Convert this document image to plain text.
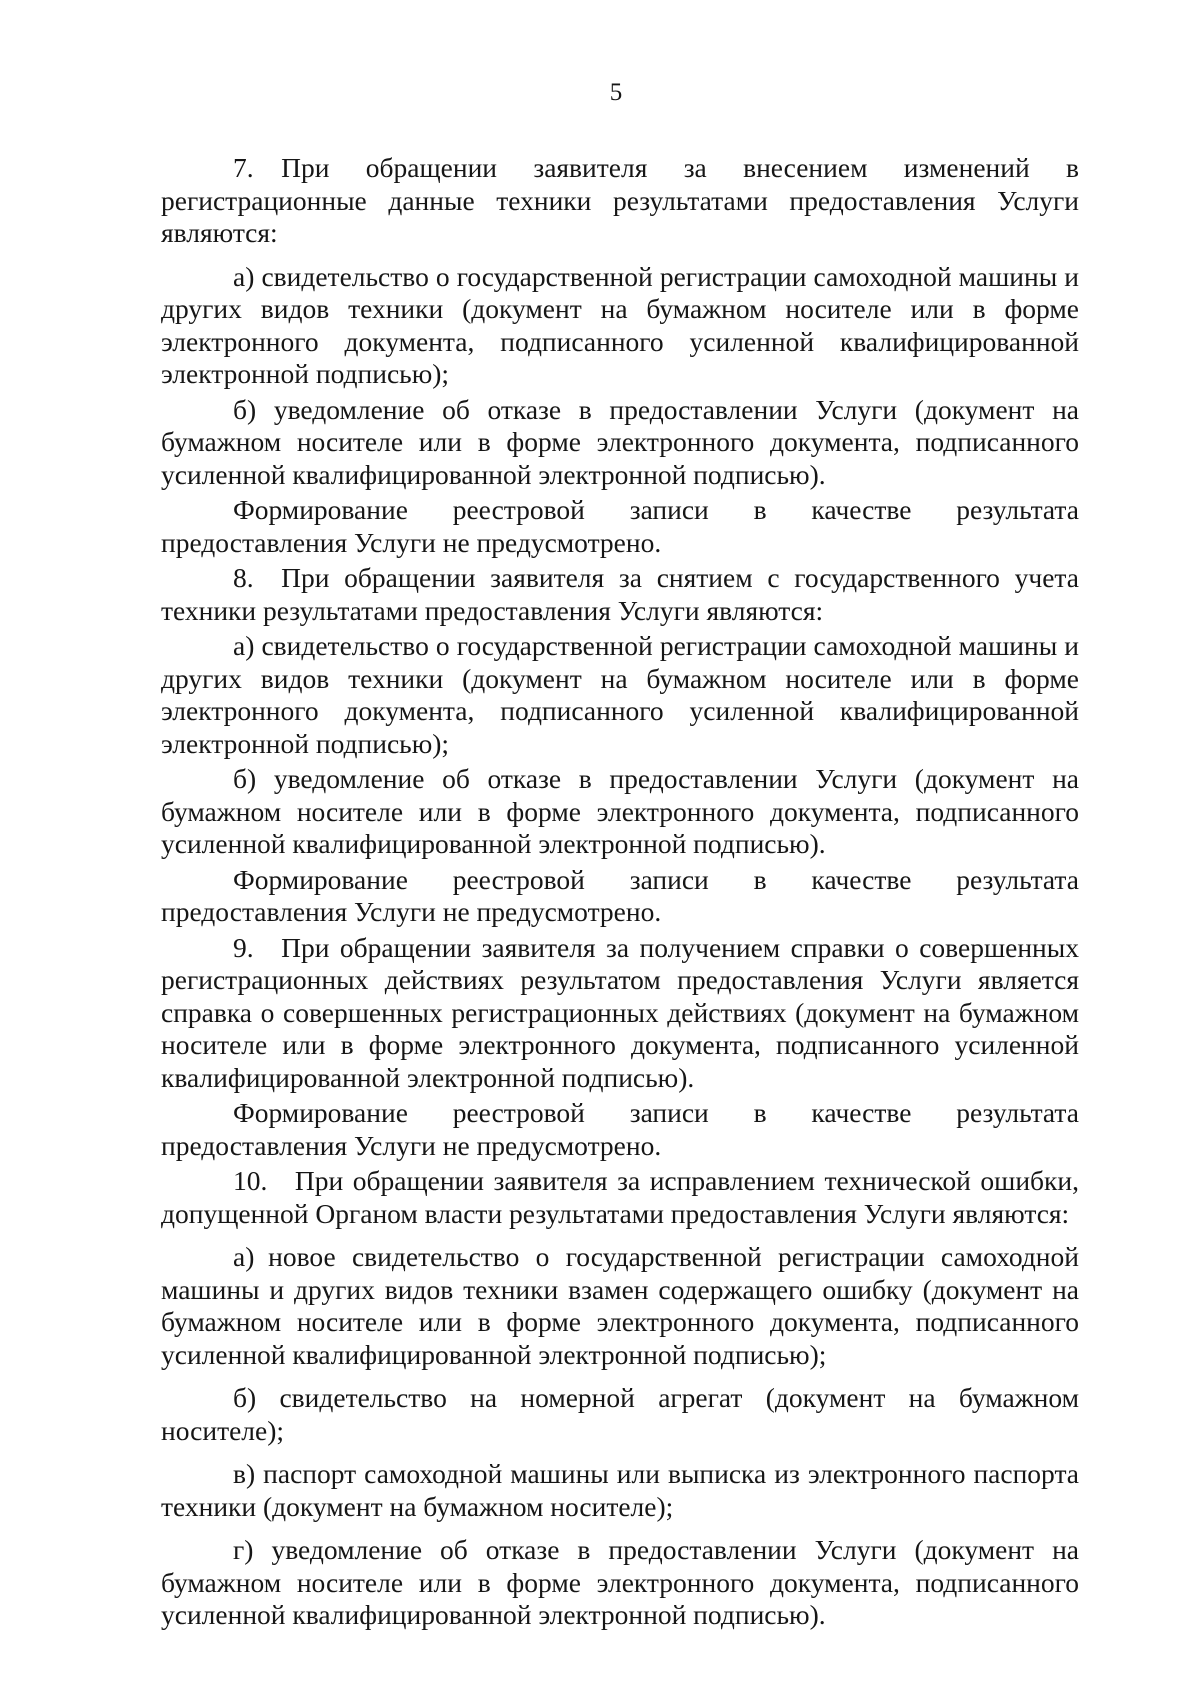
5

7. При обращении заявителя за внесением изменений в регистрационные данные техники результатами предоставления Услуги являются:

а) свидетельство о государственной регистрации самоходной машины и других видов техники (документ на бумажном носителе или в форме электронного документа, подписанного усиленной квалифицированной электронной подписью);

б) уведомление об отказе в предоставлении Услуги (документ на бумажном носителе или в форме электронного документа, подписанного усиленной квалифицированной электронной подписью).

Формирование реестровой записи в качестве результата предоставления Услуги не предусмотрено.

8. При обращении заявителя за снятием с государственного учета техники результатами предоставления Услуги являются:

а) свидетельство о государственной регистрации самоходной машины и других видов техники (документ на бумажном носителе или в форме электронного документа, подписанного усиленной квалифицированной электронной подписью);

б) уведомление об отказе в предоставлении Услуги (документ на бумажном носителе или в форме электронного документа, подписанного усиленной квалифицированной электронной подписью).

Формирование реестровой записи в качестве результата предоставления Услуги не предусмотрено.

9. При обращении заявителя за получением справки о совершенных регистрационных действиях результатом предоставления Услуги является справка о совершенных регистрационных действиях (документ на бумажном носителе или в форме электронного документа, подписанного усиленной квалифицированной электронной подписью).

Формирование реестровой записи в качестве результата предоставления Услуги не предусмотрено.

10. При обращении заявителя за исправлением технической ошибки, допущенной Органом власти результатами предоставления Услуги являются:

а) новое свидетельство о государственной регистрации самоходной машины и других видов техники взамен содержащего ошибку (документ на бумажном носителе или в форме электронного документа, подписанного усиленной квалифицированной электронной подписью);

б) свидетельство на номерной агрегат (документ на бумажном носителе);

в) паспорт самоходной машины или выписка из электронного паспорта техники (документ на бумажном носителе);

г) уведомление об отказе в предоставлении Услуги (документ на бумажном носителе или в форме электронного документа, подписанного усиленной квалифицированной электронной подписью).
